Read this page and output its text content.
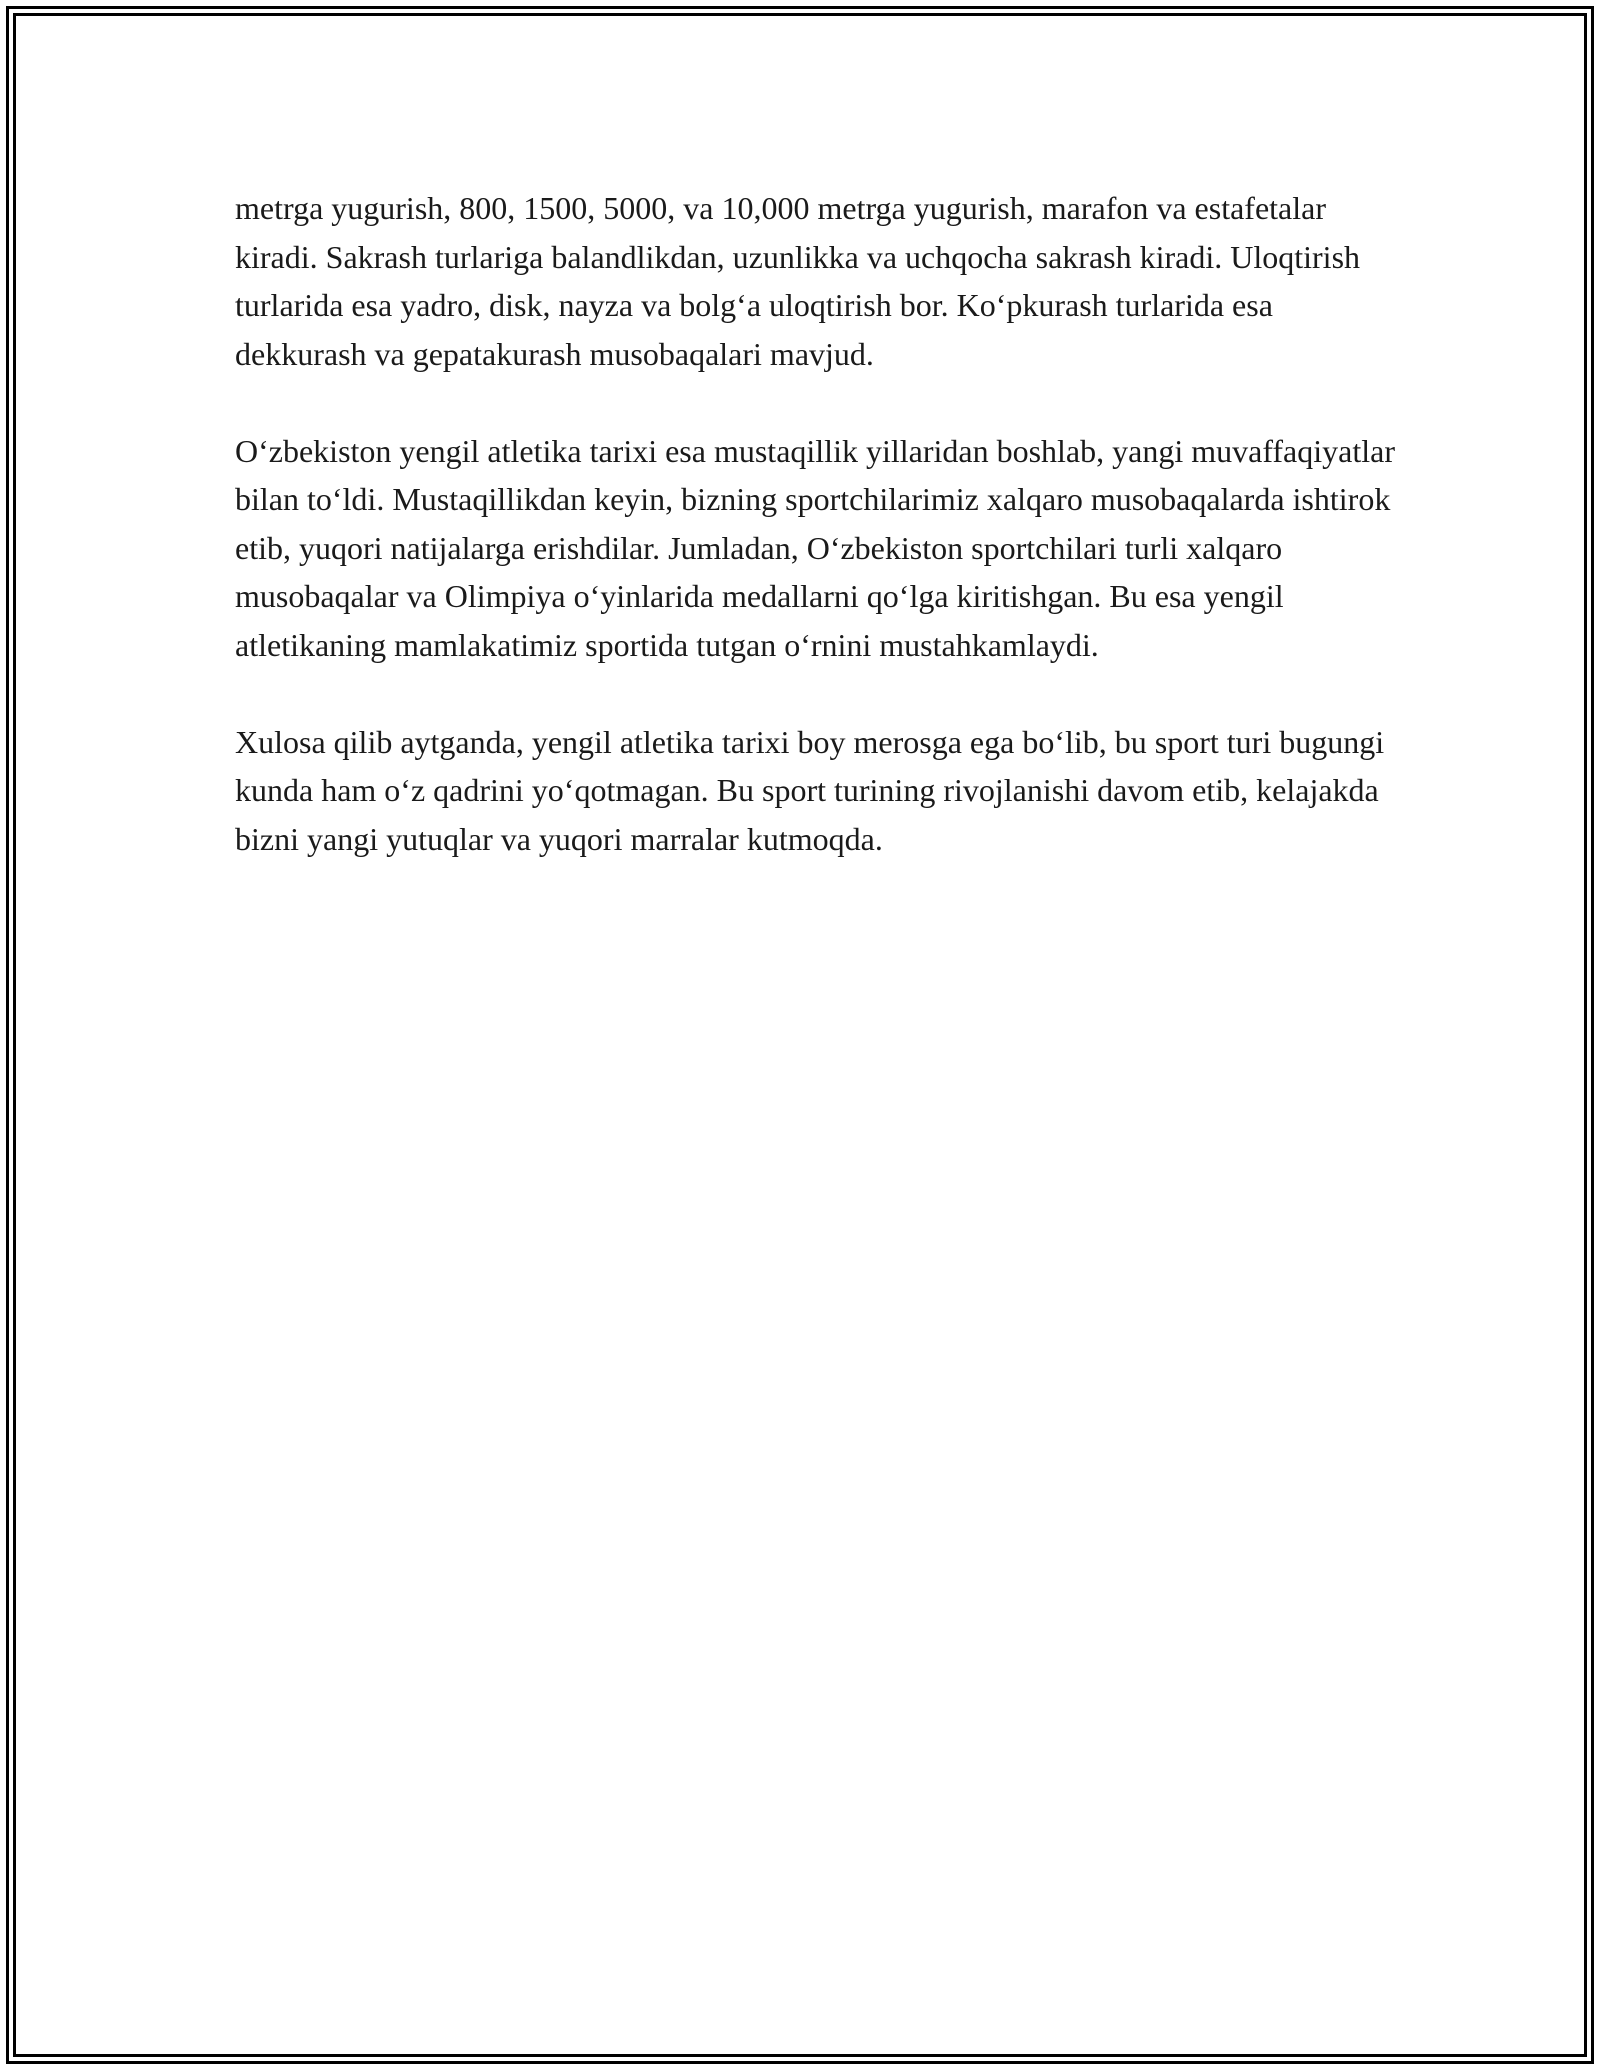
metrga yugurish, 800, 1500, 5000, va 10,000 metrga yugurish, marafon va estafetalar kiradi. Sakrash turlariga balandlikdan, uzunlikka va uchqocha sakrash kiradi. Uloqtirish turlarida esa yadro, disk, nayza va bolg‘a uloqtirish bor. Ko‘pkurash turlarida esa dekkurash va gepatakurash musobaqalari mavjud.

O‘zbekiston yengil atletika tarixi esa mustaqillik yillaridan boshlab, yangi muvaffaqiyatlar bilan to‘ldi. Mustaqillikdan keyin, bizning sportchilarimiz xalqaro musobaqalarda ishtirok etib, yuqori natijalarga erishdilar. Jumladan, O‘zbekiston sportchilari turli xalqaro musobaqalar va Olimpiya o‘yinlarida medallarni qo‘lga kiritishgan. Bu esa yengil atletikaning mamlakatimiz sportida tutgan o‘rnini mustahkamlaydi.

Xulosa qilib aytganda, yengil atletika tarixi boy merosga ega bo‘lib, bu sport turi bugungi kunda ham o‘z qadrini yo‘qotmagan. Bu sport turining rivojlanishi davom etib, kelajakda bizni yangi yutuqlar va yuqori marralar kutmoqda.
